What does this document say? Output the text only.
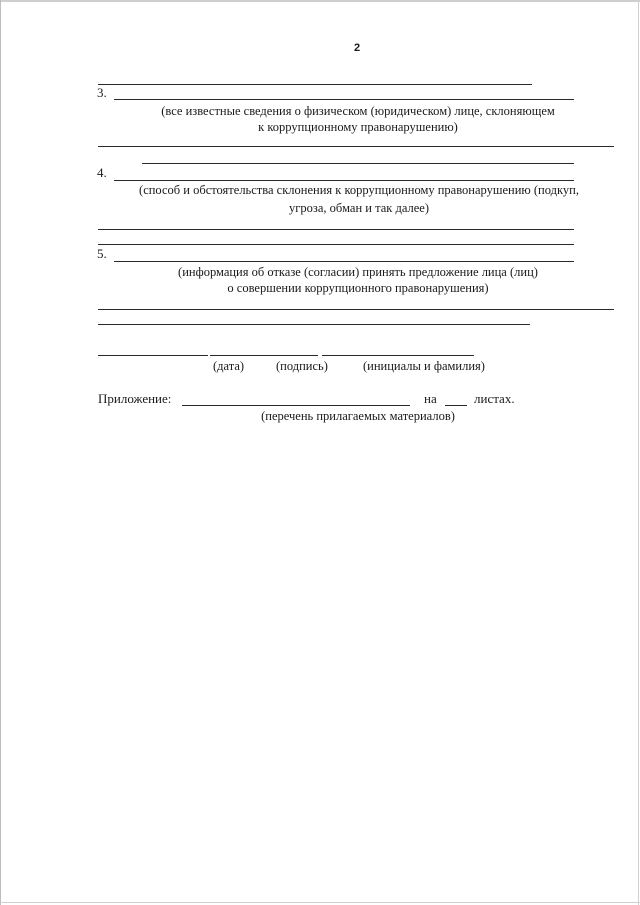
2
3.
(все известные сведения о физическом (юридическом) лице, склоняющем
к коррупционному правонарушению)
4.
(способ и обстоятельства склонения к коррупционному правонарушению (подкуп,
угроза, обман и так далее)
5.
(информация об отказе (согласии) принять предложение лица (лиц)
о совершении коррупционного правонарушения)
(дата)	(подпись)	(инициалы и фамилия)
Приложение:	на	листах.
(перечень прилагаемых материалов)
